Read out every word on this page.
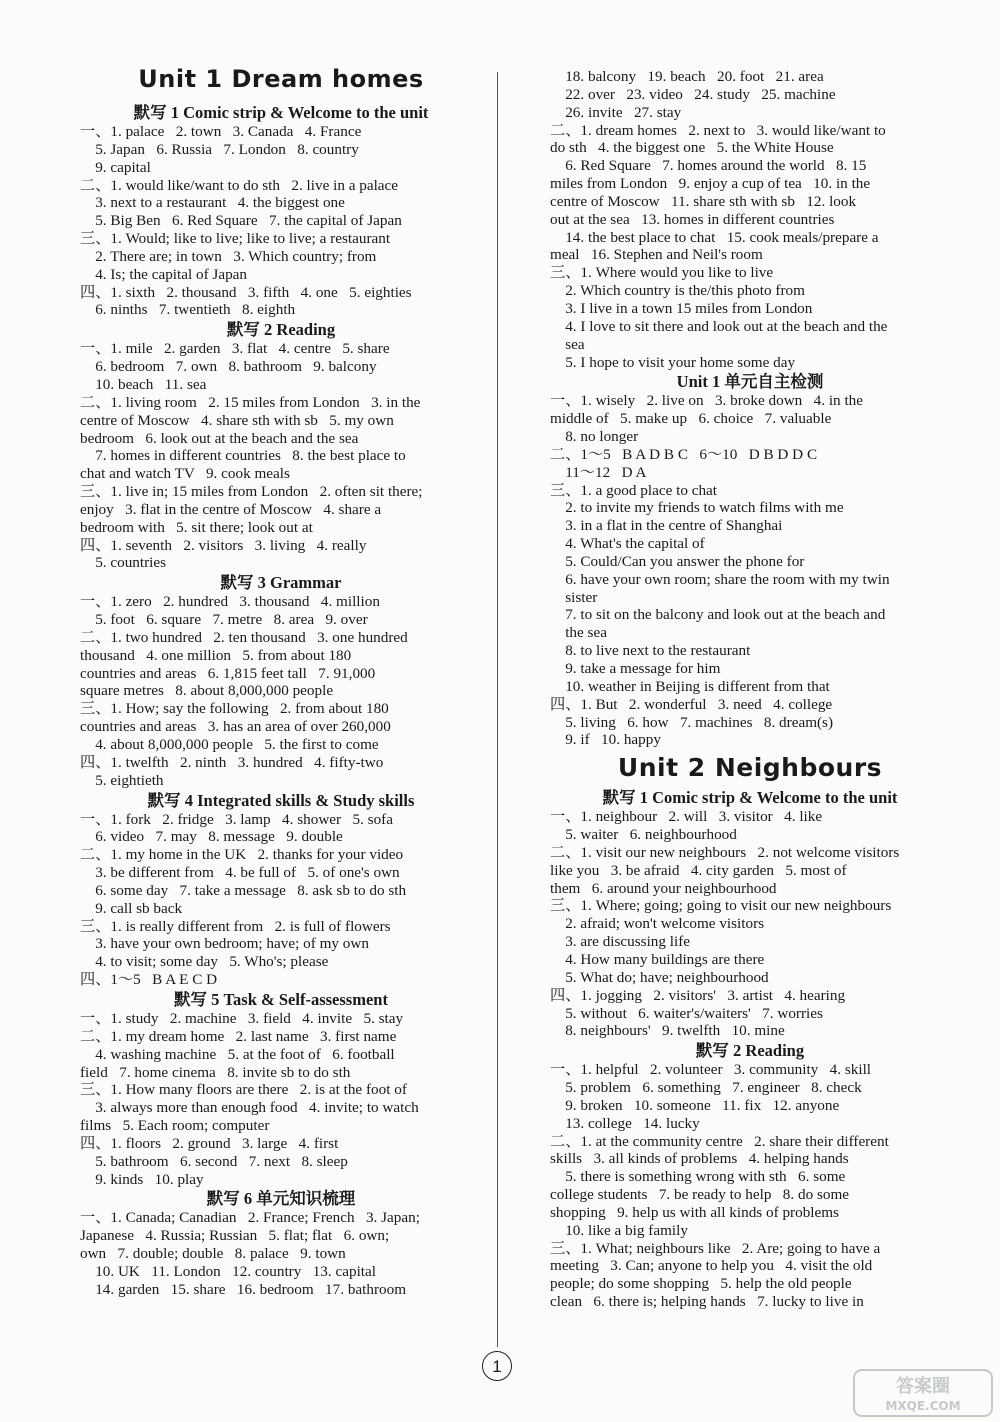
Unit 1 Dream homes
默写 1 Comic strip & Welcome to the unit

一、1. palace   2. town   3. Canada   4. France

5. Japan   6. Russia   7. London   8. country

9. capital

二、1. would like/want to do sth   2. live in a palace

3. next to a restaurant   4. the biggest one

5. Big Ben   6. Red Square   7. the capital of Japan

三、1. Would; like to live; like to live; a restaurant

2. There are; in town   3. Which country; from

4. Is; the capital of Japan

四、1. sixth   2. thousand   3. fifth   4. one   5. eighties

6. ninths   7. twentieth   8. eighth

默写 2 Reading

一、1. mile   2. garden   3. flat   4. centre   5. share

6. bedroom   7. own   8. bathroom   9. balcony

10. beach   11. sea

二、1. living room   2. 15 miles from London   3. in the

centre of Moscow   4. share sth with sb   5. my own

bedroom   6. look out at the beach and the sea

7. homes in different countries   8. the best place to

chat and watch TV   9. cook meals

三、1. live in; 15 miles from London   2. often sit there;

enjoy   3. flat in the centre of Moscow   4. share a

bedroom with   5. sit there; look out at

四、1. seventh   2. visitors   3. living   4. really

5. countries

默写 3 Grammar

一、1. zero   2. hundred   3. thousand   4. million

5. foot   6. square   7. metre   8. area   9. over

二、1. two hundred   2. ten thousand   3. one hundred

thousand   4. one million   5. from about 180

countries and areas   6. 1,815 feet tall   7. 91,000

square metres   8. about 8,000,000 people

三、1. How; say the following   2. from about 180

countries and areas   3. has an area of over 260,000

4. about 8,000,000 people   5. the first to come

四、1. twelfth   2. ninth   3. hundred   4. fifty-two

5. eightieth

默写 4 Integrated skills & Study skills

一、1. fork   2. fridge   3. lamp   4. shower   5. sofa

6. video   7. may   8. message   9. double

二、1. my home in the UK   2. thanks for your video

3. be different from   4. be full of   5. of one's own

6. some day   7. take a message   8. ask sb to do sth

9. call sb back

三、1. is really different from   2. is full of flowers

3. have your own bedroom; have; of my own

4. to visit; some day   5. Who's; please

四、1～5   B A E C D

默写 5 Task & Self-assessment

一、1. study   2. machine   3. field   4. invite   5. stay

二、1. my dream home   2. last name   3. first name

4. washing machine   5. at the foot of   6. football

field   7. home cinema   8. invite sb to do sth

三、1. How many floors are there   2. is at the foot of

3. always more than enough food   4. invite; to watch

films   5. Each room; computer

四、1. floors   2. ground   3. large   4. first

5. bathroom   6. second   7. next   8. sleep

9. kinds   10. play

默写 6 单元知识梳理

一、1. Canada; Canadian   2. France; French   3. Japan;

Japanese   4. Russia; Russian   5. flat; flat   6. own;

own   7. double; double   8. palace   9. town

10. UK   11. London   12. country   13. capital

14. garden   15. share   16. bedroom   17. bathroom

18. balcony   19. beach   20. foot   21. area

22. over   23. video   24. study   25. machine

26. invite   27. stay

二、1. dream homes   2. next to   3. would like/want to

do sth   4. the biggest one   5. the White House

6. Red Square   7. homes around the world   8. 15

miles from London   9. enjoy a cup of tea   10. in the

centre of Moscow   11. share sth with sb   12. look

out at the sea   13. homes in different countries

14. the best place to chat   15. cook meals/prepare a

meal   16. Stephen and Neil's room

三、1. Where would you like to live

2. Which country is the/this photo from

3. I live in a town 15 miles from London

4. I love to sit there and look out at the beach and the

sea

5. I hope to visit your home some day

Unit 1 单元自主检测

一、1. wisely   2. live on   3. broke down   4. in the

middle of   5. make up   6. choice   7. valuable

8. no longer

二、1～5   B A D B C   6～10   D B D D C

11～12   D A

三、1. a good place to chat

2. to invite my friends to watch films with me

3. in a flat in the centre of Shanghai

4. What's the capital of

5. Could/Can you answer the phone for

6. have your own room; share the room with my twin

sister

7. to sit on the balcony and look out at the beach and

the sea

8. to live next to the restaurant

9. take a message for him

10. weather in Beijing is different from that

四、1. But   2. wonderful   3. need   4. college

5. living   6. how   7. machines   8. dream(s)

9. if   10. happy

Unit 2 Neighbours
默写 1 Comic strip & Welcome to the unit

一、1. neighbour   2. will   3. visitor   4. like

5. waiter   6. neighbourhood

二、1. visit our new neighbours   2. not welcome visitors

like you   3. be afraid   4. city garden   5. most of

them   6. around your neighbourhood

三、1. Where; going; going to visit our new neighbours

2. afraid; won't welcome visitors

3. are discussing life

4. How many buildings are there

5. What do; have; neighbourhood

四、1. jogging   2. visitors'   3. artist   4. hearing

5. without   6. waiter's/waiters'   7. worries

8. neighbours'   9. twelfth   10. mine

默写 2 Reading

一、1. helpful   2. volunteer   3. community   4. skill

5. problem   6. something   7. engineer   8. check

9. broken   10. someone   11. fix   12. anyone

13. college   14. lucky

二、1. at the community centre   2. share their different

skills   3. all kinds of problems   4. helping hands

5. there is something wrong with sth   6. some

college students   7. be ready to help   8. do some

shopping   9. help us with all kinds of problems

10. like a big family

三、1. What; neighbours like   2. Are; going to have a

meeting   3. Can; anyone to help you   4. visit the old

people; do some shopping   5. help the old people

clean   6. there is; helping hands   7. lucky to live in

1
答案圈
MXQE.COM
